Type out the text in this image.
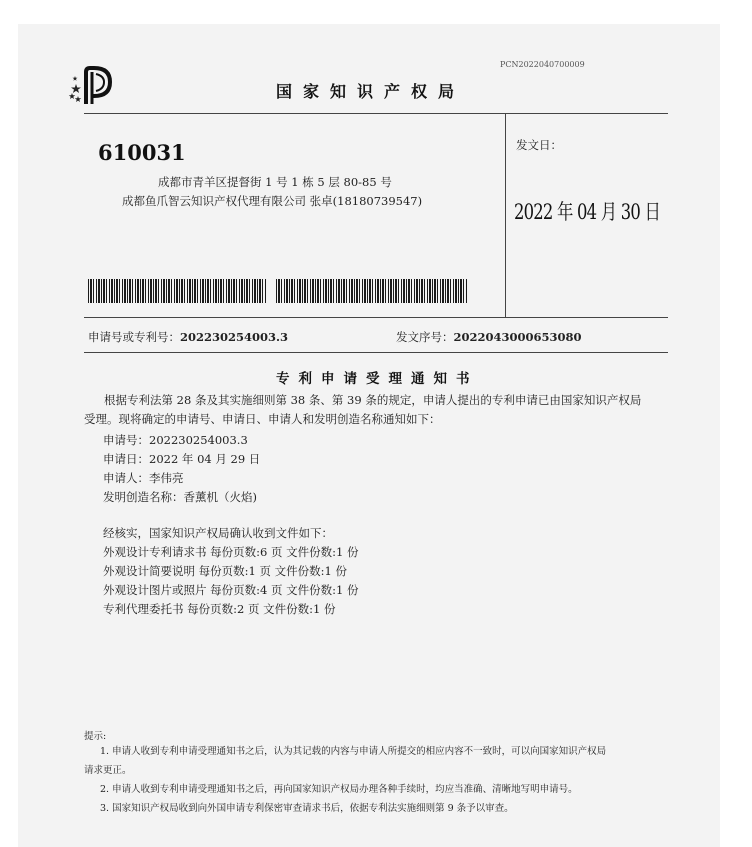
PCN2022040700009
国家知识产权局
610031
成都市青羊区提督街 1 号 1 栋 5 层 80-85 号
成都鱼爪智云知识产权代理有限公司 张卓(18180739547)
发文日：
2022 年 04 月 30 日
申请号或专利号：202230254003.3	发文序号：2022043000653080
专利申请受理通知书
根据专利法第 28 条及其实施细则第 38 条、第 39 条的规定，申请人提出的专利申请已由国家知识产权局
受理。现将确定的申请号、申请日、申请人和发明创造名称通知如下：
申请号：202230254003.3
申请日：2022 年 04 月 29 日
申请人：李伟亮
发明创造名称：香薰机（火焰)
经核实，国家知识产权局确认收到文件如下：
外观设计专利请求书 每份页数:6 页 文件份数:1 份
外观设计简要说明 每份页数:1 页 文件份数:1 份
外观设计图片或照片 每份页数:4 页 文件份数:1 份
专利代理委托书 每份页数:2 页 文件份数:1 份
提示:
1. 申请人收到专利申请受理通知书之后，认为其记载的内容与申请人所提交的相应内容不一致时，可以向国家知识产权局
请求更正。
2. 申请人收到专利申请受理通知书之后，再向国家知识产权局办理各种手续时，均应当准确、清晰地写明申请号。
3. 国家知识产权局收到向外国申请专利保密审查请求书后，依据专利法实施细则第 9 条予以审查。
